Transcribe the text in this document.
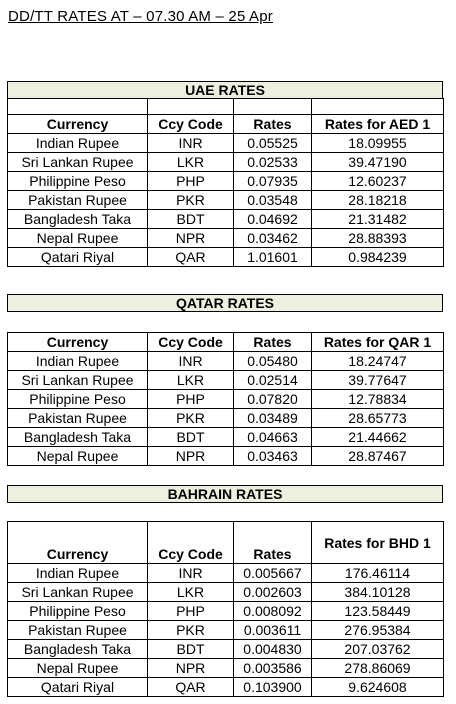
DD/TT RATES AT – 07.30 AM – 25 Apr
UAE RATES

Currency	Ccy Code	Rates	Rates for AED 1
Indian Rupee	INR	0.05525	18.09955
Sri Lankan Rupee	LKR	0.02533	39.47190
Philippine Peso	PHP	0.07935	12.60237
Pakistan Rupee	PKR	0.03548	28.18218
Bangladesh Taka	BDT	0.04692	21.31482
Nepal Rupee	NPR	0.03462	28.88393
Qatari Riyal	QAR	1.01601	0.984239
QATAR RATES
Currency	Ccy Code	Rates	Rates for QAR 1
Indian Rupee	INR	0.05480	18.24747
Sri Lankan Rupee	LKR	0.02514	39.77647
Philippine Peso	PHP	0.07820	12.78834
Pakistan Rupee	PKR	0.03489	28.65773
Bangladesh Taka	BDT	0.04663	21.44662
Nepal Rupee	NPR	0.03463	28.87467
BAHRAIN RATES
Currency	Ccy Code	Rates	Rates for BHD 1
Indian Rupee	INR	0.005667	176.46114
Sri Lankan Rupee	LKR	0.002603	384.10128
Philippine Peso	PHP	0.008092	123.58449
Pakistan Rupee	PKR	0.003611	276.95384
Bangladesh Taka	BDT	0.004830	207.03762
Nepal Rupee	NPR	0.003586	278.86069
Qatari Riyal	QAR	0.103900	9.624608
